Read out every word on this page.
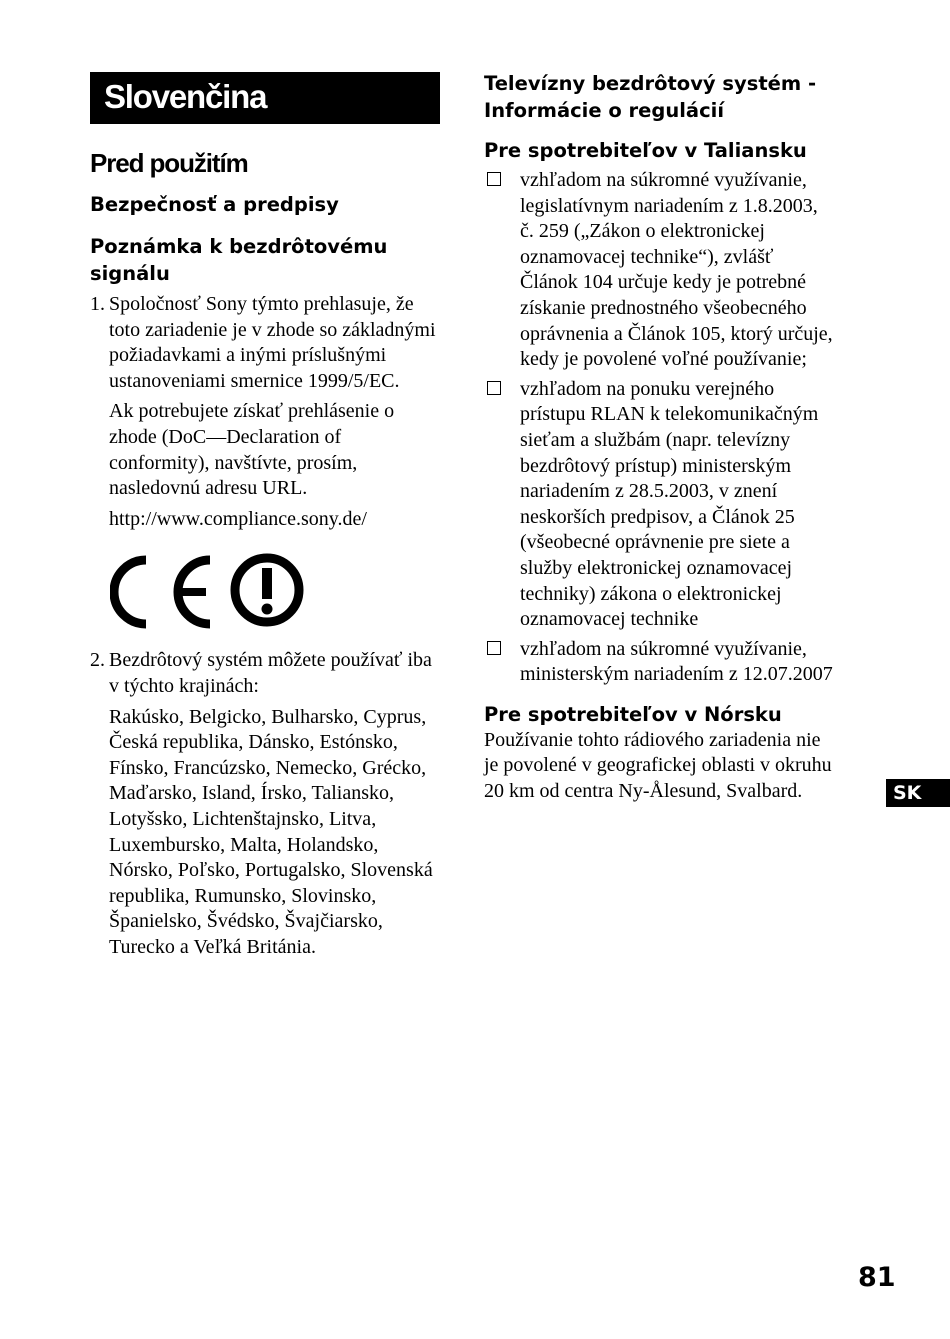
Slovenčina
Pred použitím
Bezpečnosť a predpisy
Poznámka k bezdrôtovému signálu
1. Spoločnosť Sony týmto prehlasuje, že toto zariadenie je v zhode so základnými požiadavkami a inými príslušnými ustanoveniami smernice 1999/5/EC.

Ak potrebujete získať prehlásenie o zhode (DoC—Declaration of conformity), navštívte, prosím, nasledovnú adresu URL.

http://www.compliance.sony.de/

2. Bezdrôtový systém môžete používať iba v týchto krajinách:

Rakúsko, Belgicko, Bulharsko, Cyprus, Česká republika, Dánsko, Estónsko, Fínsko, Francúzsko, Nemecko, Grécko, Maďarsko, Island, Írsko, Taliansko, Lotyšsko, Lichtenštajnsko, Litva, Luxembursko, Malta, Holandsko, Nórsko, Poľsko, Portugalsko, Slovenská republika, Rumunsko, Slovinsko, Španielsko, Švédsko, Švajčiarsko, Turecko a Veľká Británia.

Televízny bezdrôtový systém - Informácie o regulácií
Pre spotrebiteľov v Taliansku

vzhľadom na súkromné využívanie, legislatívnym nariadením z 1.8.2003, č. 259 („Zákon o elektronickej oznamovacej technike“), zvlášť Článok 104 určuje kedy je potrebné získanie prednostného všeobecného oprávnenia a Článok 105, ktorý určuje, kedy je povolené voľné používanie;

vzhľadom na ponuku verejného prístupu RLAN k telekomunikačným sieťam a službám (napr. televízny bezdrôtový prístup) ministerským nariadením z 28.5.2003, v znení neskorších predpisov, a Článok 25 (všeobecné oprávnenie pre siete a služby elektronickej oznamovacej techniky) zákona o elektronickej oznamovacej technike

vzhľadom na súkromné využívanie, ministerským nariadením z 12.07.2007

Pre spotrebiteľov v Nórsku

Používanie tohto rádiového zariadenia nie je povolené v geografickej oblasti v okruhu 20 km od centra Ny-Ålesund, Svalbard.	SK
81
